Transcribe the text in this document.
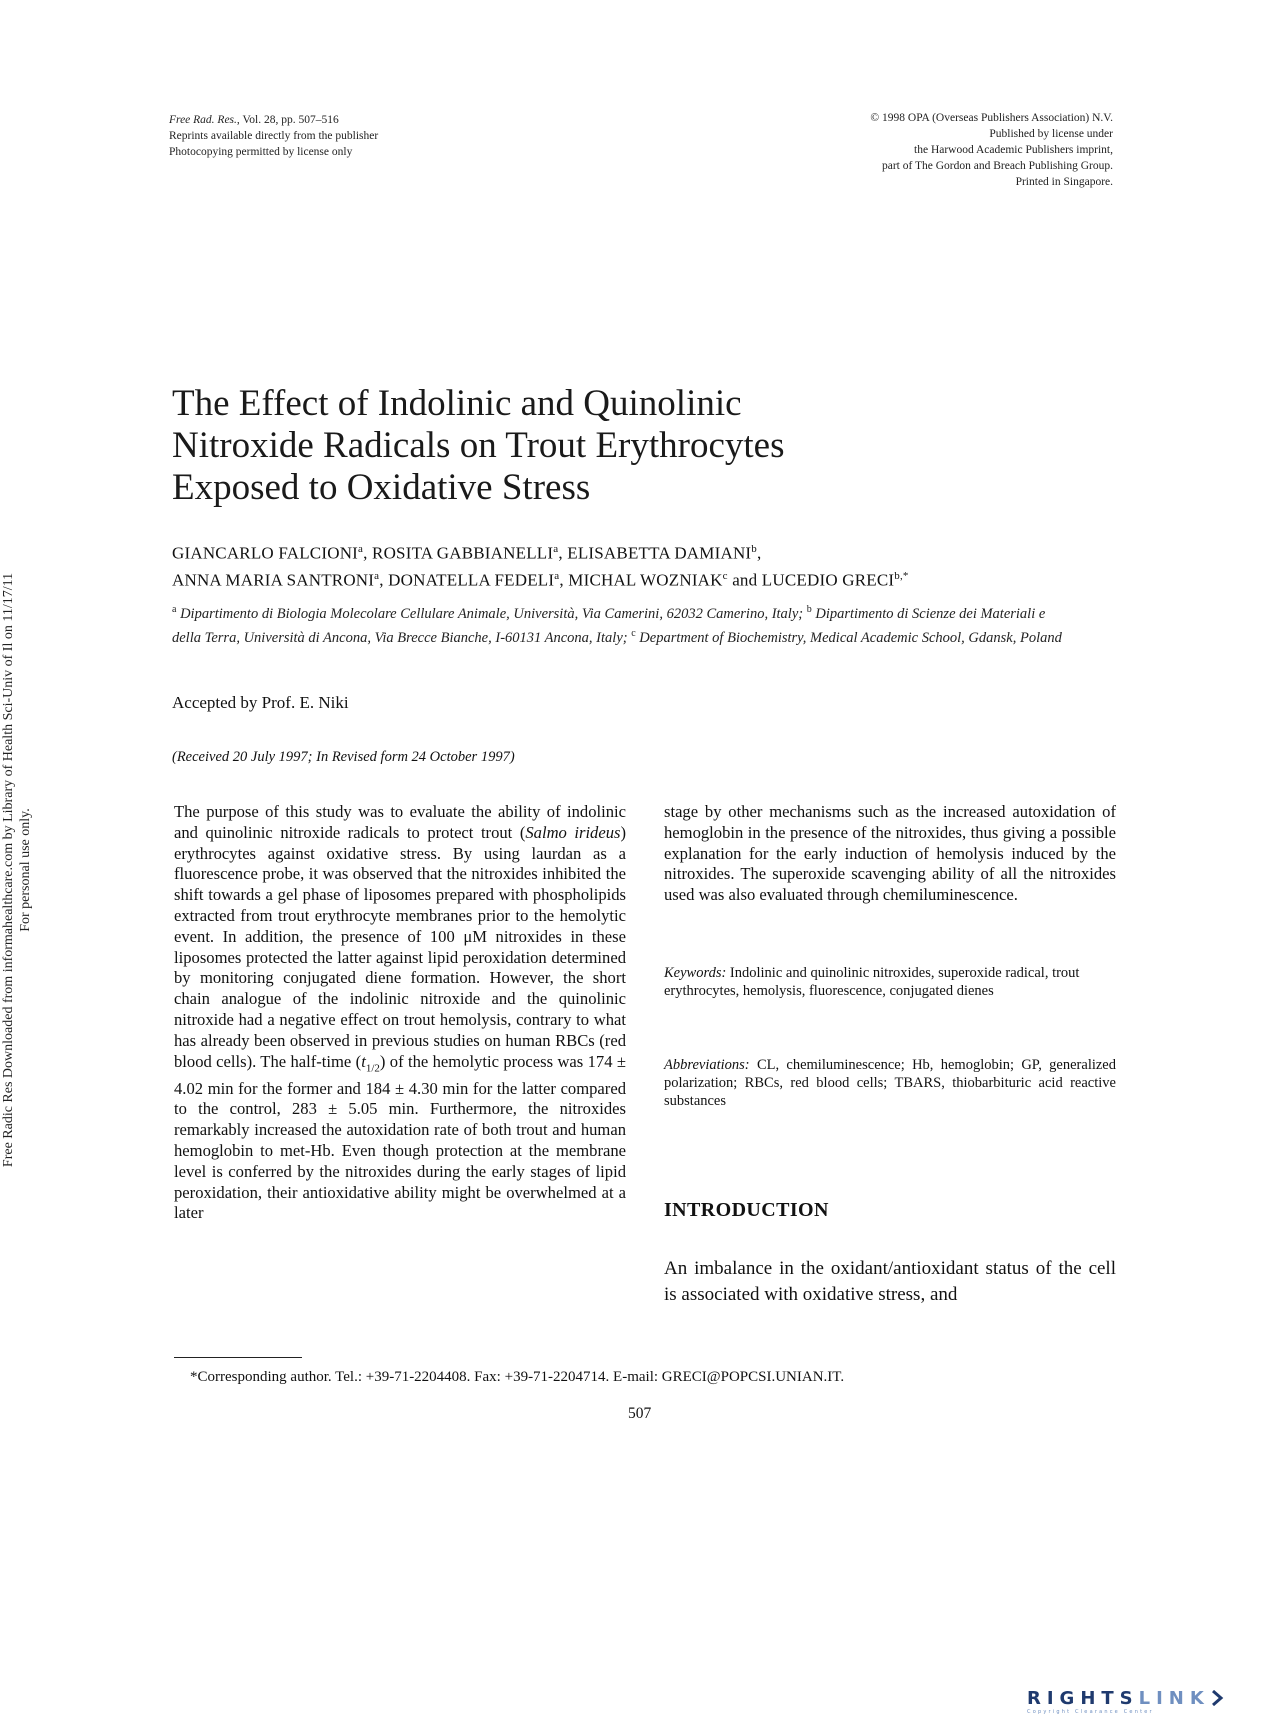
Free Rad. Res., Vol. 28, pp. 507–516
Reprints available directly from the publisher
Photocopying permitted by license only
© 1998 OPA (Overseas Publishers Association) N.V.
Published by license under
the Harwood Academic Publishers imprint,
part of The Gordon and Breach Publishing Group.
Printed in Singapore.
Free Radic Res Downloaded from informahealthcare.com by Library of Health Sci-Univ of Il on 11/17/11 For personal use only.
The Effect of Indolinic and Quinolinic
Nitroxide Radicals on Trout Erythrocytes
Exposed to Oxidative Stress
GIANCARLO FALCIONI$^a$, ROSITA GABBIANELLI$^a$, ELISABETTA DAMIANI$^b$,
ANNA MARIA SANTRONI$^a$, DONATELLA FEDELI$^a$, MICHAL WOZNIAK$^c$ and LUCEDIO $GRECI^{b,*}$
$^a$ Dipartimento di Biologia Molecolare Cellulare Animale, Università, Via Camerini, 62032 Camerino, Italy; $^b$ Dipartimento di Scienze dei Materiali e della Terra, Università di Ancona, Via Brecce Bianche, I-60131 Ancona, Italy; $^c$ Department of Biochemistry, Medical Academic School, Gdansk, Poland
Accepted by Prof. E. Niki
(Received 20 July 1997; In Revised form 24 October 1997)
The purpose of this study was to evaluate the ability of indolinic and quinolinic nitroxide radicals to protect trout (Salmo irideus) erythrocytes against oxidative stress. By using laurdan as a fluorescence probe, it was observed that the nitroxides inhibited the shift towards a gel phase of liposomes prepared with phospholipids extracted from trout erythrocyte membranes prior to the hemolytic event. In addition, the presence of 100 μM nitroxides in these liposomes protected the latter against lipid peroxidation determined by monitoring conjugated diene formation. However, the short chain analogue of the indolinic nitroxide and the quinolinic nitroxide had a negative effect on trout hemolysis, contrary to what has already been observed in previous studies on human RBCs (red blood cells). The half-time $(t_{1/2})$ of the hemolytic process was 174 ± 4.02 min for the former and 184 ± 4.30 min for the latter compared to the control, 283 ± 5.05 min. Furthermore, the nitroxides remarkably increased the autoxidation rate of both trout and human hemoglobin to met-Hb. Even though protection at the membrane level is conferred by the nitroxides during the early stages of lipid peroxidation, their antioxidative ability might be overwhelmed at a later
stage by other mechanisms such as the increased autoxidation of hemoglobin in the presence of the nitroxides, thus giving a possible explanation for the early induction of hemolysis induced by the nitroxides. The superoxide scavenging ability of all the nitroxides used was also evaluated through chemiluminescence.
Keywords: Indolinic and quinolinic nitroxides, superoxide radical, trout erythrocytes, hemolysis, fluorescence, conjugated dienes
Abbreviations: CL, chemiluminescence; Hb, hemoglobin; GP, generalized polarization; RBCs, red blood cells; TBARS, thiobarbituric acid reactive substances
INTRODUCTION
An imbalance in the oxidant/antioxidant status of the cell is associated with oxidative stress, and
*Corresponding author. Tel.: +39-71-2204408. Fax: +39-71-2204714. E-mail: GRECI@POPCSI.UNIAN.IT.
507
RIGHTSLINK
Copyright Clearance Center
